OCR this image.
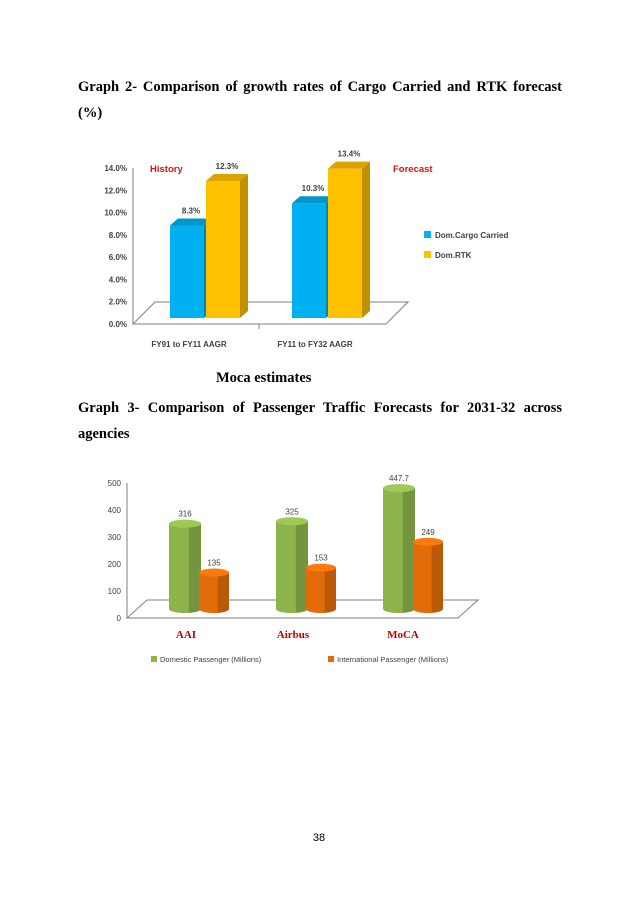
Graph 2- Comparison of growth rates of Cargo Carried and RTK forecast (%)

0.0%
2.0%
4.0%
6.0%
8.0%
10.0%
12.0%
14.0%
8.3%
10.3%
12.3%
13.4%
FY91 to FY11 AAGR	FY11 to FY32 AAGR
History	Forecast
Dom.Cargo Carried
Dom.RTK

Moca estimates

Graph 3- Comparison of Passenger Traffic Forecasts for 2031-32 across agencies

0
100
200
300
400
500
316	325
447.7
135
153
249
AAI	Airbus	MoCA
Domestic Passenger (Millions)	International Passenger (Millions)
38
